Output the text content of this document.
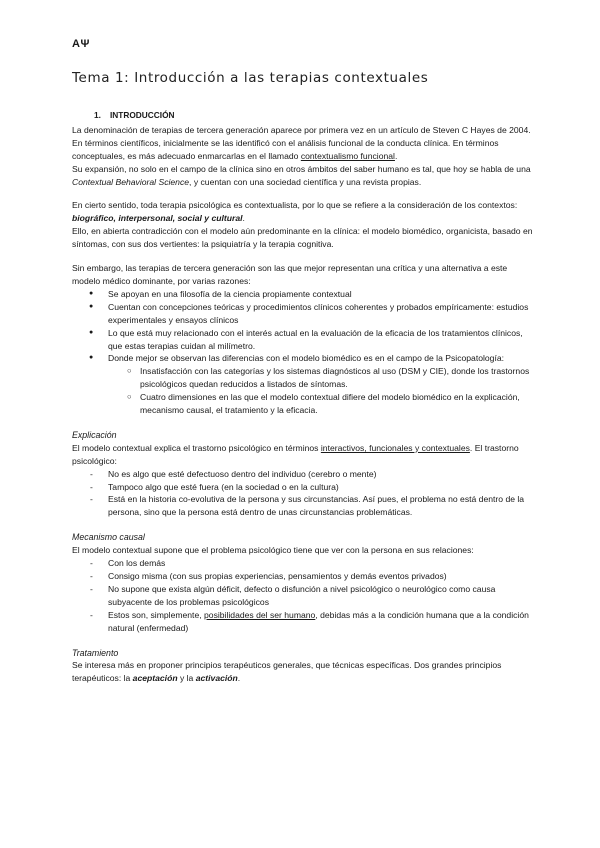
AΨ
Tema 1: Introducción a las terapias contextuales
1. INTRODUCCIÓN

La denominación de terapias de tercera generación aparece por primera vez en un artículo de Steven C Hayes de 2004.

En términos científicos, inicialmente se las identificó con el análisis funcional de la conducta clínica. En términos conceptuales, es más adecuado enmarcarlas en el llamado contextualismo funcional.

Su expansión, no solo en el campo de la clínica sino en otros ámbitos del saber humano es tal, que hoy se habla de una Contextual Behavioral Science, y cuentan con una sociedad científica y una revista propias.

En cierto sentido, toda terapia psicológica es contextualista, por lo que se refiere a la consideración de los contextos: biográfico, interpersonal, social y cultural.

Ello, en abierta contradicción con el modelo aún predominante en la clínica: el modelo biomédico, organicista, basado en síntomas, con sus dos vertientes: la psiquiatría y la terapia cognitiva.

Sin embargo, las terapias de tercera generación son las que mejor representan una crítica y una alternativa a este modelo médico dominante, por varias razones:

● Se apoyan en una filosofía de la ciencia propiamente contextual
● Cuentan con concepciones teóricas y procedimientos clínicos coherentes y probados empíricamente: estudios experimentales y ensayos clínicos
● Lo que está muy relacionado con el interés actual en la evaluación de la eficacia de los tratamientos clínicos, que estas terapias cuidan al milímetro.
● Donde mejor se observan las diferencias con el modelo biomédico es en el campo de la Psicopatología:
○ Insatisfacción con las categorías y los sistemas diagnósticos al uso (DSM y CIE), donde los trastornos psicológicos quedan reducidos a listados de síntomas.
○ Cuatro dimensiones en las que el modelo contextual difiere del modelo biomédico en la explicación, mecanismo causal, el tratamiento y la eficacia.

Explicación

El modelo contextual explica el trastorno psicológico en términos interactivos, funcionales y contextuales. El trastorno psicológico:

- No es algo que esté defectuoso dentro del individuo (cerebro o mente)
- Tampoco algo que esté fuera (en la sociedad o en la cultura)
- Está en la historia co-evolutiva de la persona y sus circunstancias. Así pues, el problema no está dentro de la persona, sino que la persona está dentro de unas circunstancias problemáticas.

Mecanismo causal

El modelo contextual supone que el problema psicológico tiene que ver con la persona en sus relaciones:

- Con los demás
- Consigo misma (con sus propias experiencias, pensamientos y demás eventos privados)
- No supone que exista algún déficit, defecto o disfunción a nivel psicológico o neurológico como causa subyacente de los problemas psicológicos
- Estos son, simplemente, posibilidades del ser humano, debidas más a la condición humana que a la condición natural (enfermedad)

Tratamiento

Se interesa más en proponer principios terapéuticos generales, que técnicas específicas. Dos grandes principios terapéuticos: la aceptación y la activación.
